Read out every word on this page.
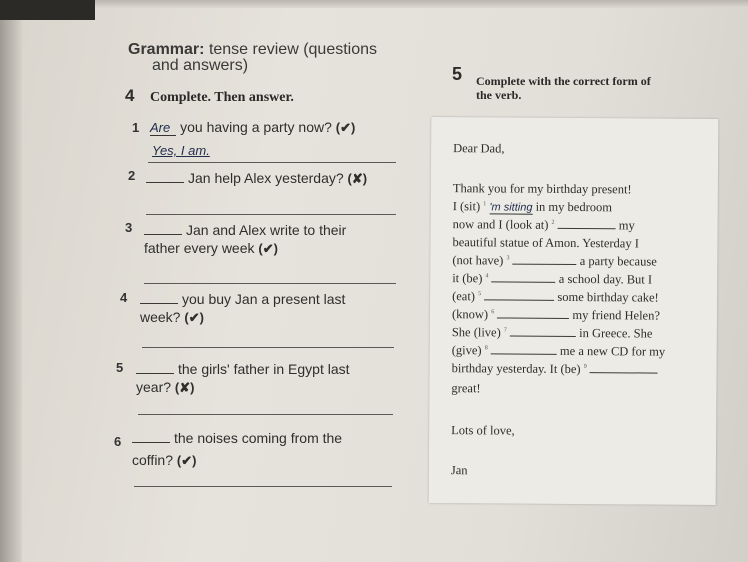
Grammar: tense review (questions
and answers)
4 Complete. Then answer.
1 Are you having a party now? (✔)
Yes, I am.
2	Jan help Alex yesterday? (✘)
3	Jan and Alex write to their
father every week (✔)
4	you buy Jan a present last
week? (✔)
5	the girls' father in Egypt last
year? (✘)
6	the noises coming from the
coffin? (✔)
5 Complete with the correct form of
the verb.
Dear Dad,
Thank you for my birthday present!
I (sit) $^1$ 'm sitting in my bedroom
now and I (look at) $^2$	my
beautiful statue of Amon. Yesterday I
(not have) $^3$	a party because
it (be) $^4$	a school day. But I
(eat) $^5$	some birthday cake!
(know) $^6$	my friend Helen?
She (live) $^7$	in Greece. She
(give) $^8$	me a new CD for my
birthday yesterday. It (be) $^9$
great!
Lots of love,
Jan
